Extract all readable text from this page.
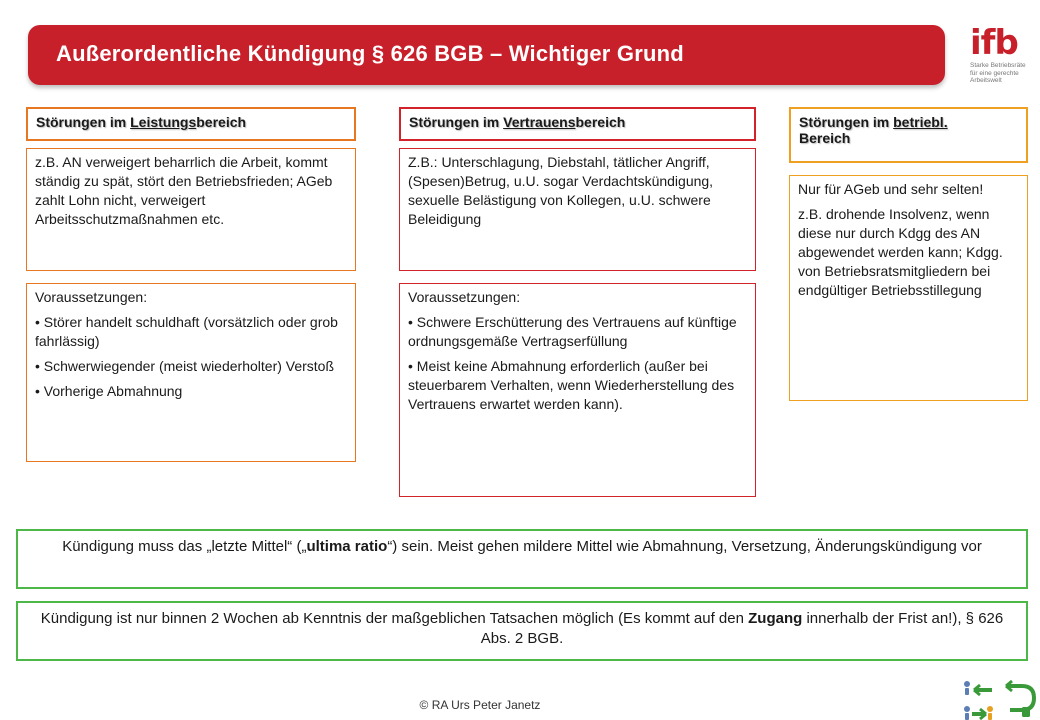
Außerordentliche Kündigung § 626 BGB – Wichtiger Grund	ifb
Starke Betriebsräte
für eine gerechte
Arbeitswelt
Störungen im Leistungsbereich

z.B. AN verweigert beharrlich die Arbeit, kommt ständig zu spät, stört den Betriebsfrieden; AGeb zahlt Lohn nicht, verweigert Arbeitsschutzmaßnahmen etc.

Voraussetzungen:

• Störer handelt schuldhaft (vorsätzlich oder grob fahrlässig)

• Schwerwiegender (meist wiederholter) Verstoß

• Vorherige Abmahnung

Störungen im Vertrauensbereich

Z.B.: Unterschlagung, Diebstahl, tätlicher Angriff, (Spesen)Betrug, u.U. sogar Verdachtskündigung, sexuelle Belästigung von Kollegen, u.U. schwere Beleidigung

Voraussetzungen:

• Schwere Erschütterung des Vertrauens auf künftige ordnungsgemäße Vertragserfüllung

• Meist keine Abmahnung erforderlich (außer bei steuerbarem Verhalten, wenn Wiederherstellung des Vertrauens erwartet werden kann).

Störungen im betriebl.
Bereich

Nur für AGeb und sehr selten!

z.B. drohende Insolvenz, wenn diese nur durch Kdgg des AN abgewendet werden kann; Kdgg. von Betriebsratsmitgliedern bei endgültiger Betriebsstillegung

Kündigung muss das „letzte Mittel“ („ultima ratio“) sein. Meist gehen mildere Mittel wie Abmahnung, Versetzung, Änderungskündigung vor
Kündigung ist nur binnen 2 Wochen ab Kenntnis der maßgeblichen Tatsachen möglich (Es kommt auf den Zugang innerhalb der Frist an!), § 626 Abs. 2 BGB.
© RA Urs Peter Janetz
